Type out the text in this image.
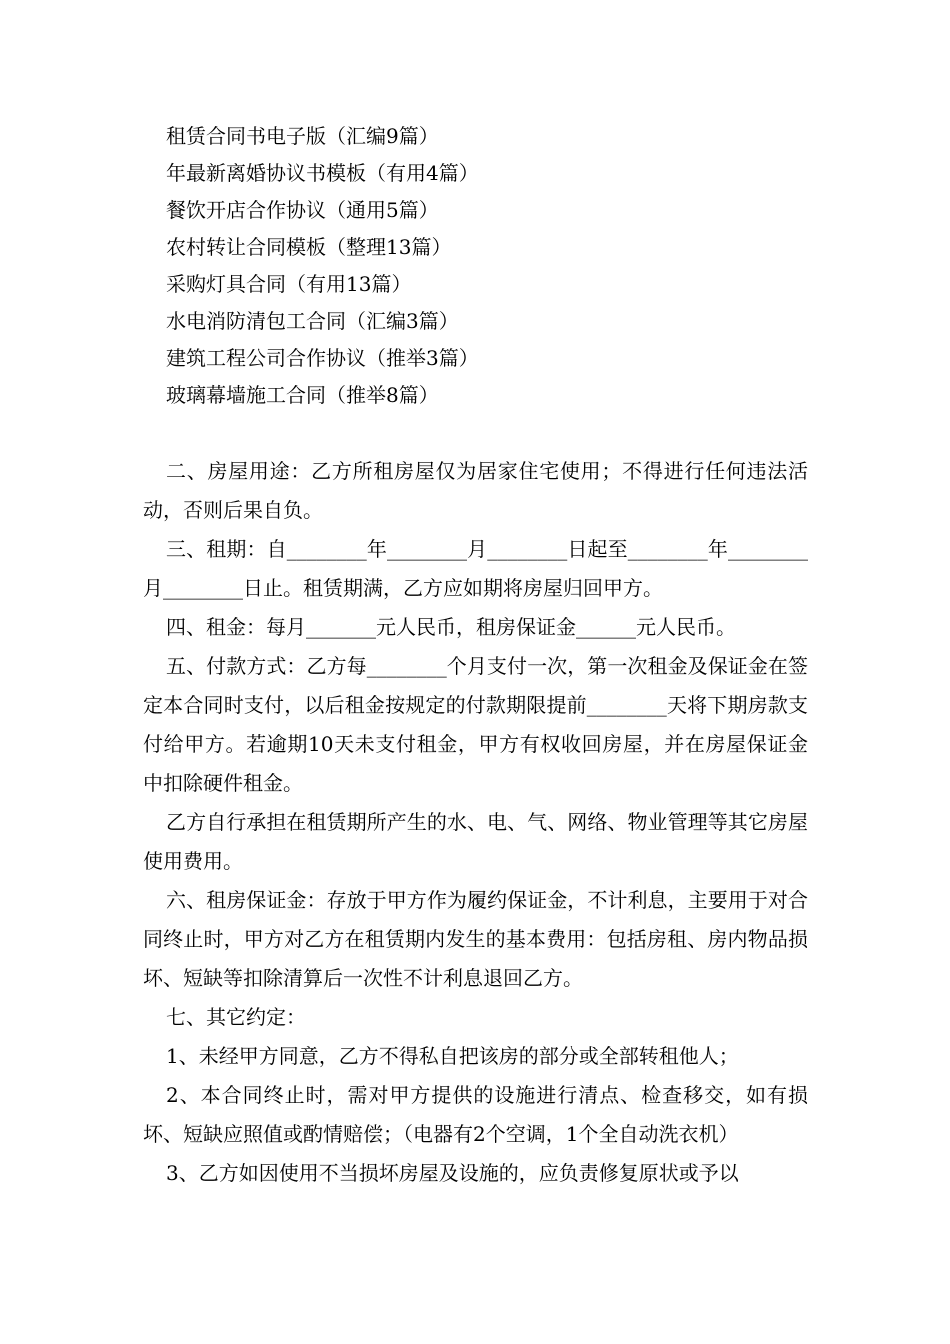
租赁合同书电子版（汇编9篇）
年最新离婚协议书模板（有用4篇）
餐饮开店合作协议（通用5篇）
农村转让合同模板（整理13篇）
采购灯具合同（有用13篇）
水电消防清包工合同（汇编3篇）
建筑工程公司合作协议（推举3篇）
玻璃幕墙施工合同（推举8篇）

二、房屋用途：乙方所租房屋仅为居家住宅使用；不得进行任何违法活动，否则后果自负。

三、租期：自________年________月________日起至________年________月________日止。租赁期满，乙方应如期将房屋归回甲方。

四、租金：每月_______元人民币，租房保证金______元人民币。

五、付款方式：乙方每________个月支付一次，第一次租金及保证金在签定本合同时支付，以后租金按规定的付款期限提前________天将下期房款支付给甲方。若逾期10天未支付租金，甲方有权收回房屋，并在房屋保证金中扣除硬件租金。

乙方自行承担在租赁期所产生的水、电、气、网络、物业管理等其它房屋使用费用。

六、租房保证金：存放于甲方作为履约保证金，不计利息，主要用于对合同终止时，甲方对乙方在租赁期内发生的基本费用：包括房租、房内物品损坏、短缺等扣除清算后一次性不计利息退回乙方。

七、其它约定：

1、未经甲方同意，乙方不得私自把该房的部分或全部转租他人；

2、本合同终止时，需对甲方提供的设施进行清点、检查移交，如有损坏、短缺应照值或酌情赔偿；（电器有2个空调，1个全自动洗衣机）

3、乙方如因使用不当损坏房屋及设施的，应负责修复原状或予以
